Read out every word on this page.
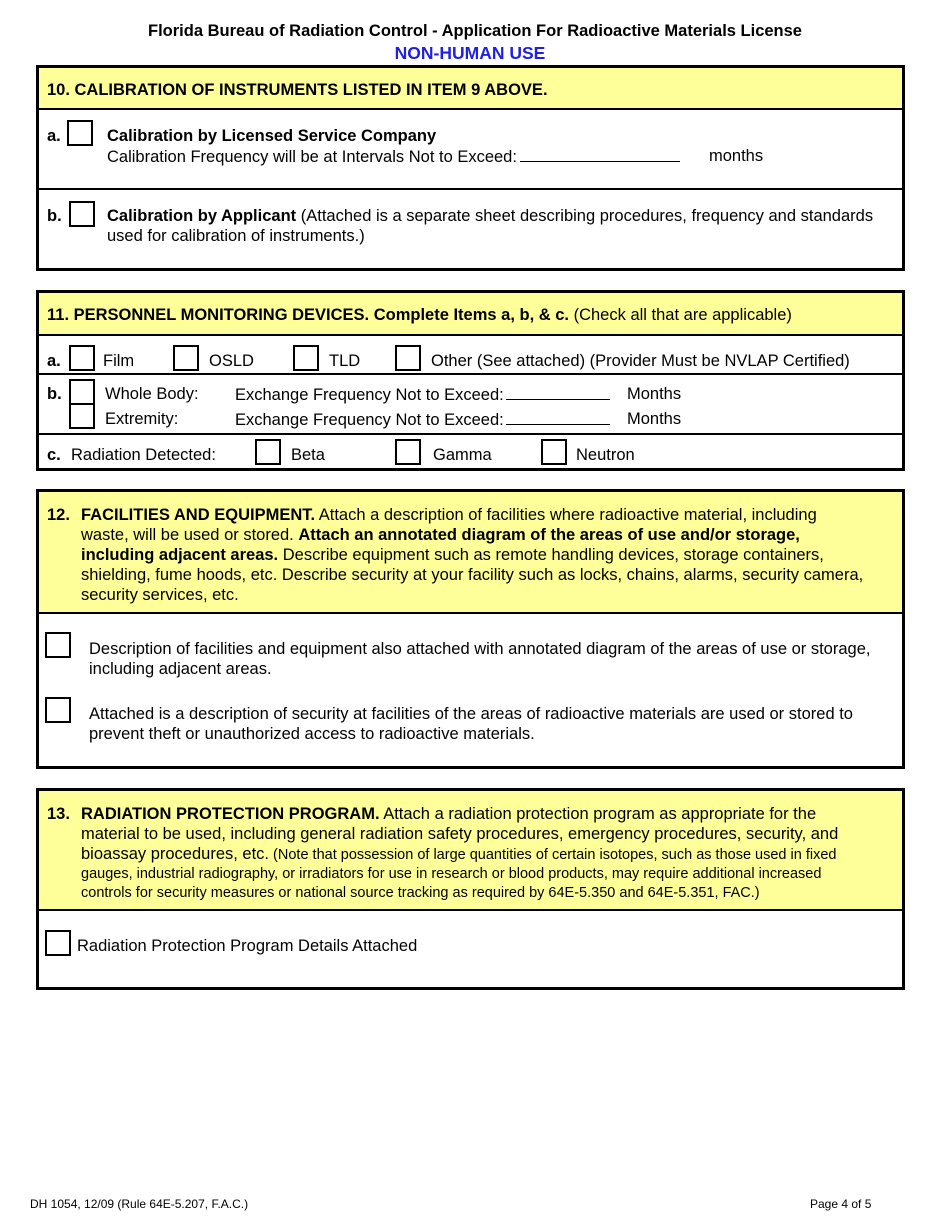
Florida Bureau of Radiation Control - Application For Radioactive Materials License
NON-HUMAN USE
10. CALIBRATION OF INSTRUMENTS LISTED IN ITEM 9 ABOVE.
a.	Calibration by Licensed Service Company
Calibration Frequency will be at Intervals Not to Exceed:	months
b.	Calibration by Applicant (Attached is a separate sheet describing procedures, frequency and standards
used for calibration of instruments.)
11. PERSONNEL MONITORING DEVICES. Complete Items a, b, & c. (Check all that are applicable)
a.	Film	OSLD	TLD	Other (See attached) (Provider Must be NVLAP Certified)
b.	Whole Body: Exchange Frequency Not to Exceed:	Months
Extremity:	Exchange Frequency Not to Exceed:	Months
c. Radiation Detected:	Beta	Gamma	Neutron
12. FACILITIES AND EQUIPMENT. Attach a description of facilities where radioactive material, including
waste, will be used or stored. Attach an annotated diagram of the areas of use and/or storage,
including adjacent areas. Describe equipment such as remote handling devices, storage containers,
shielding, fume hoods, etc. Describe security at your facility such as locks, chains, alarms, security camera,
security services, etc.
Description of facilities and equipment also attached with annotated diagram of the areas of use or storage,
including adjacent areas.
Attached is a description of security at facilities of the areas of radioactive materials are used or stored to
prevent theft or unauthorized access to radioactive materials.
13. RADIATION PROTECTION PROGRAM. Attach a radiation protection program as appropriate for the
material to be used, including general radiation safety procedures, emergency procedures, security, and
bioassay procedures, etc. (Note that possession of large quantities of certain isotopes, such as those used in fixed
gauges, industrial radiography, or irradiators for use in research or blood products, may require additional increased
controls for security measures or national source tracking as required by 64E-5.350 and 64E-5.351, FAC.)
Radiation Protection Program Details Attached
DH 1054, 12/09 (Rule 64E-5.207, F.A.C.)	Page 4 of 5
